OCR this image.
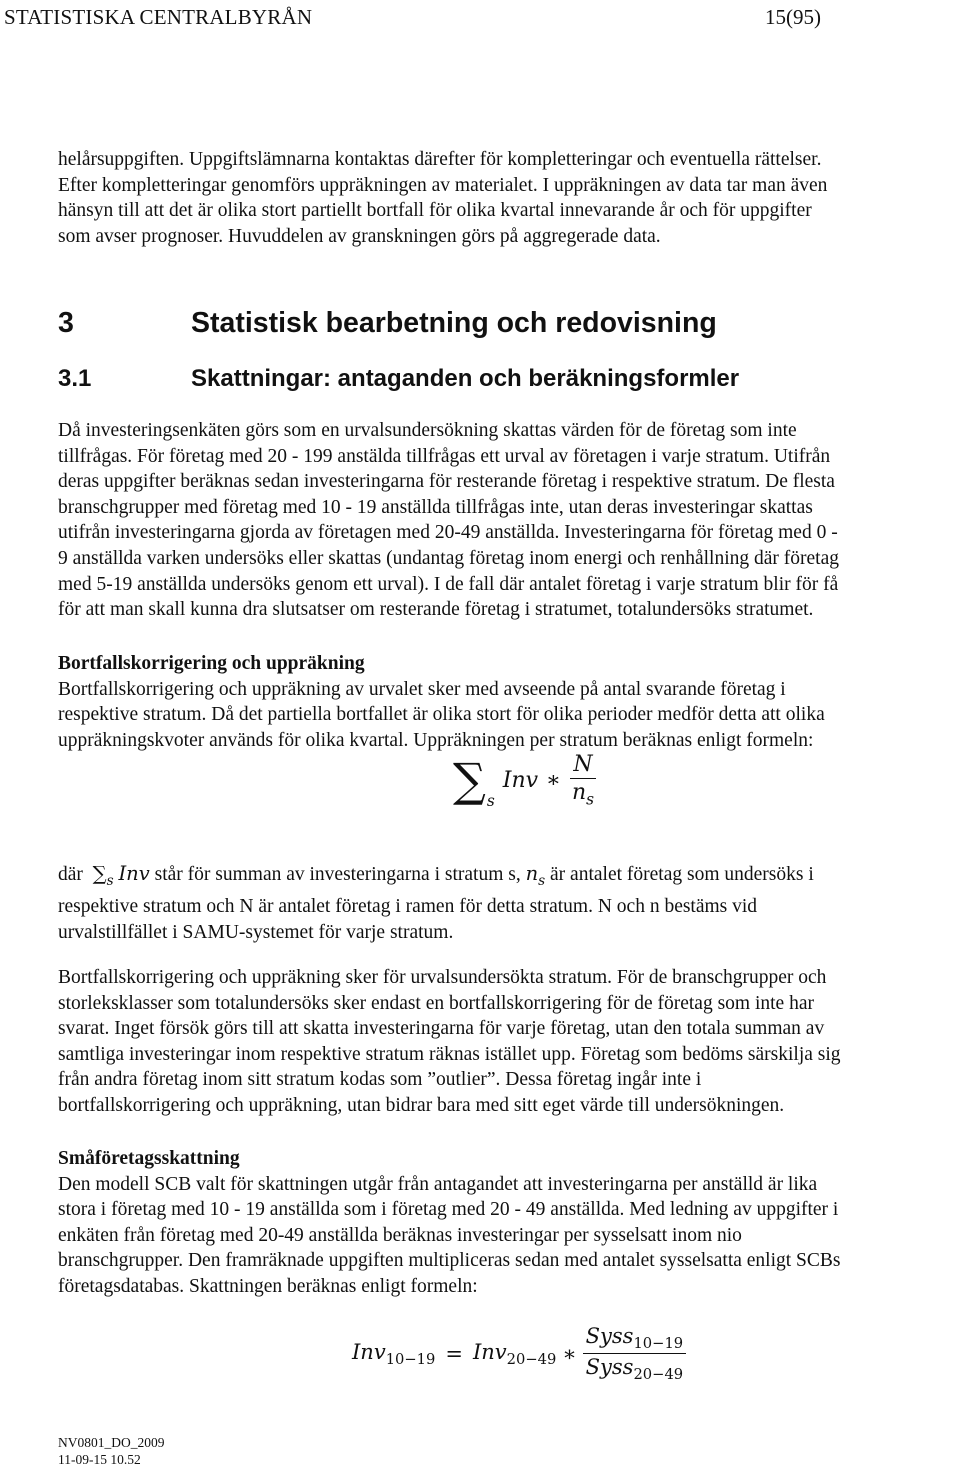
STATISTISKA CENTRALBYRÅN	15(95)
helårsuppgiften. Uppgiftslämnarna kontaktas därefter för kompletteringar och eventuella rättelser.
Efter kompletteringar genomförs uppräkningen av materialet. I uppräkningen av data tar man även
hänsyn till att det är olika stort partiellt bortfall för olika kvartal innevarande år och för uppgifter
som avser prognoser. Huvuddelen av granskningen görs på aggregerade data.
3	Statistisk bearbetning och redovisning
3.1	Skattningar: antaganden och beräkningsformler
Då investeringsenkäten görs som en urvalsundersökning skattas värden för de företag som inte
tillfrågas. För företag med 20 - 199 anstälda tillfrågas ett urval av företagen i varje stratum. Utifrån
deras uppgifter beräknas sedan investeringarna för resterande företag i respektive stratum. De flesta
branschgrupper med företag med 10 - 19 anställda tillfrågas inte, utan deras investeringar skattas
utifrån investeringarna gjorda av företagen med 20-49 anställda. Investeringarna för företag med 0 -
9 anställda varken undersöks eller skattas (undantag företag inom energi och renhållning där företag
med 5-19 anställda undersöks genom ett urval). I de fall där antalet företag i varje stratum blir för få
för att man skall kunna dra slutsatser om resterande företag i stratumet, totalundersöks stratumet.
Bortfallskorrigering och uppräkning
Bortfallskorrigering och uppräkning av urvalet sker med avseende på antal svarande företag i
respektive stratum. Då det partiella bortfallet är olika stort för olika perioder medför detta att olika
uppräkningskvoter används för olika kvartal. Uppräkningen per stratum beräknas enligt formeln:
$\sum_s$
Inv ∗ $\frac{N}{n_s}$
där $\sum_s$ Inv står för summan av investeringarna i stratum s, $n_s$ är antalet företag som undersöks i
respektive stratum och N är antalet företag i ramen för detta stratum. N och n bestäms vid
urvalstillfället i SAMU-systemet för varje stratum.
Bortfallskorrigering och uppräkning sker för urvalsundersökta stratum. För de branschgrupper och
storleksklasser som totalundersöks sker endast en bortfallskorrigering för de företag som inte har
svarat. Inget försök görs till att skatta investeringarna för varje företag, utan den totala summan av
samtliga investeringar inom respektive stratum räknas istället upp. Företag som bedöms särskilja sig
från andra företag inom sitt stratum kodas som ”outlier”. Dessa företag ingår inte i
bortfallskorrigering och uppräkning, utan bidrar bara med sitt eget värde till undersökningen.
Småföretagsskattning
Den modell SCB valt för skattningen utgår från antagandet att investeringarna per anställd är lika
stora i företag med 10 - 19 anställda som i företag med 20 - 49 anställda. Med ledning av uppgifter i
enkäten från företag med 20-49 anställda beräknas investeringar per sysselsatt inom nio
branschgrupper. Den framräknade uppgiften multipliceras sedan med antalet sysselsatta enligt SCBs
företagsdatabas. Skattningen beräknas enligt formeln:
Inv$_{10-19}$ = Inv$_{20-49}$ ∗ $\frac{Syss_{10-19}}{Syss_{20-49}}$
NV0801_DO_2009
11-09-15 10.52
